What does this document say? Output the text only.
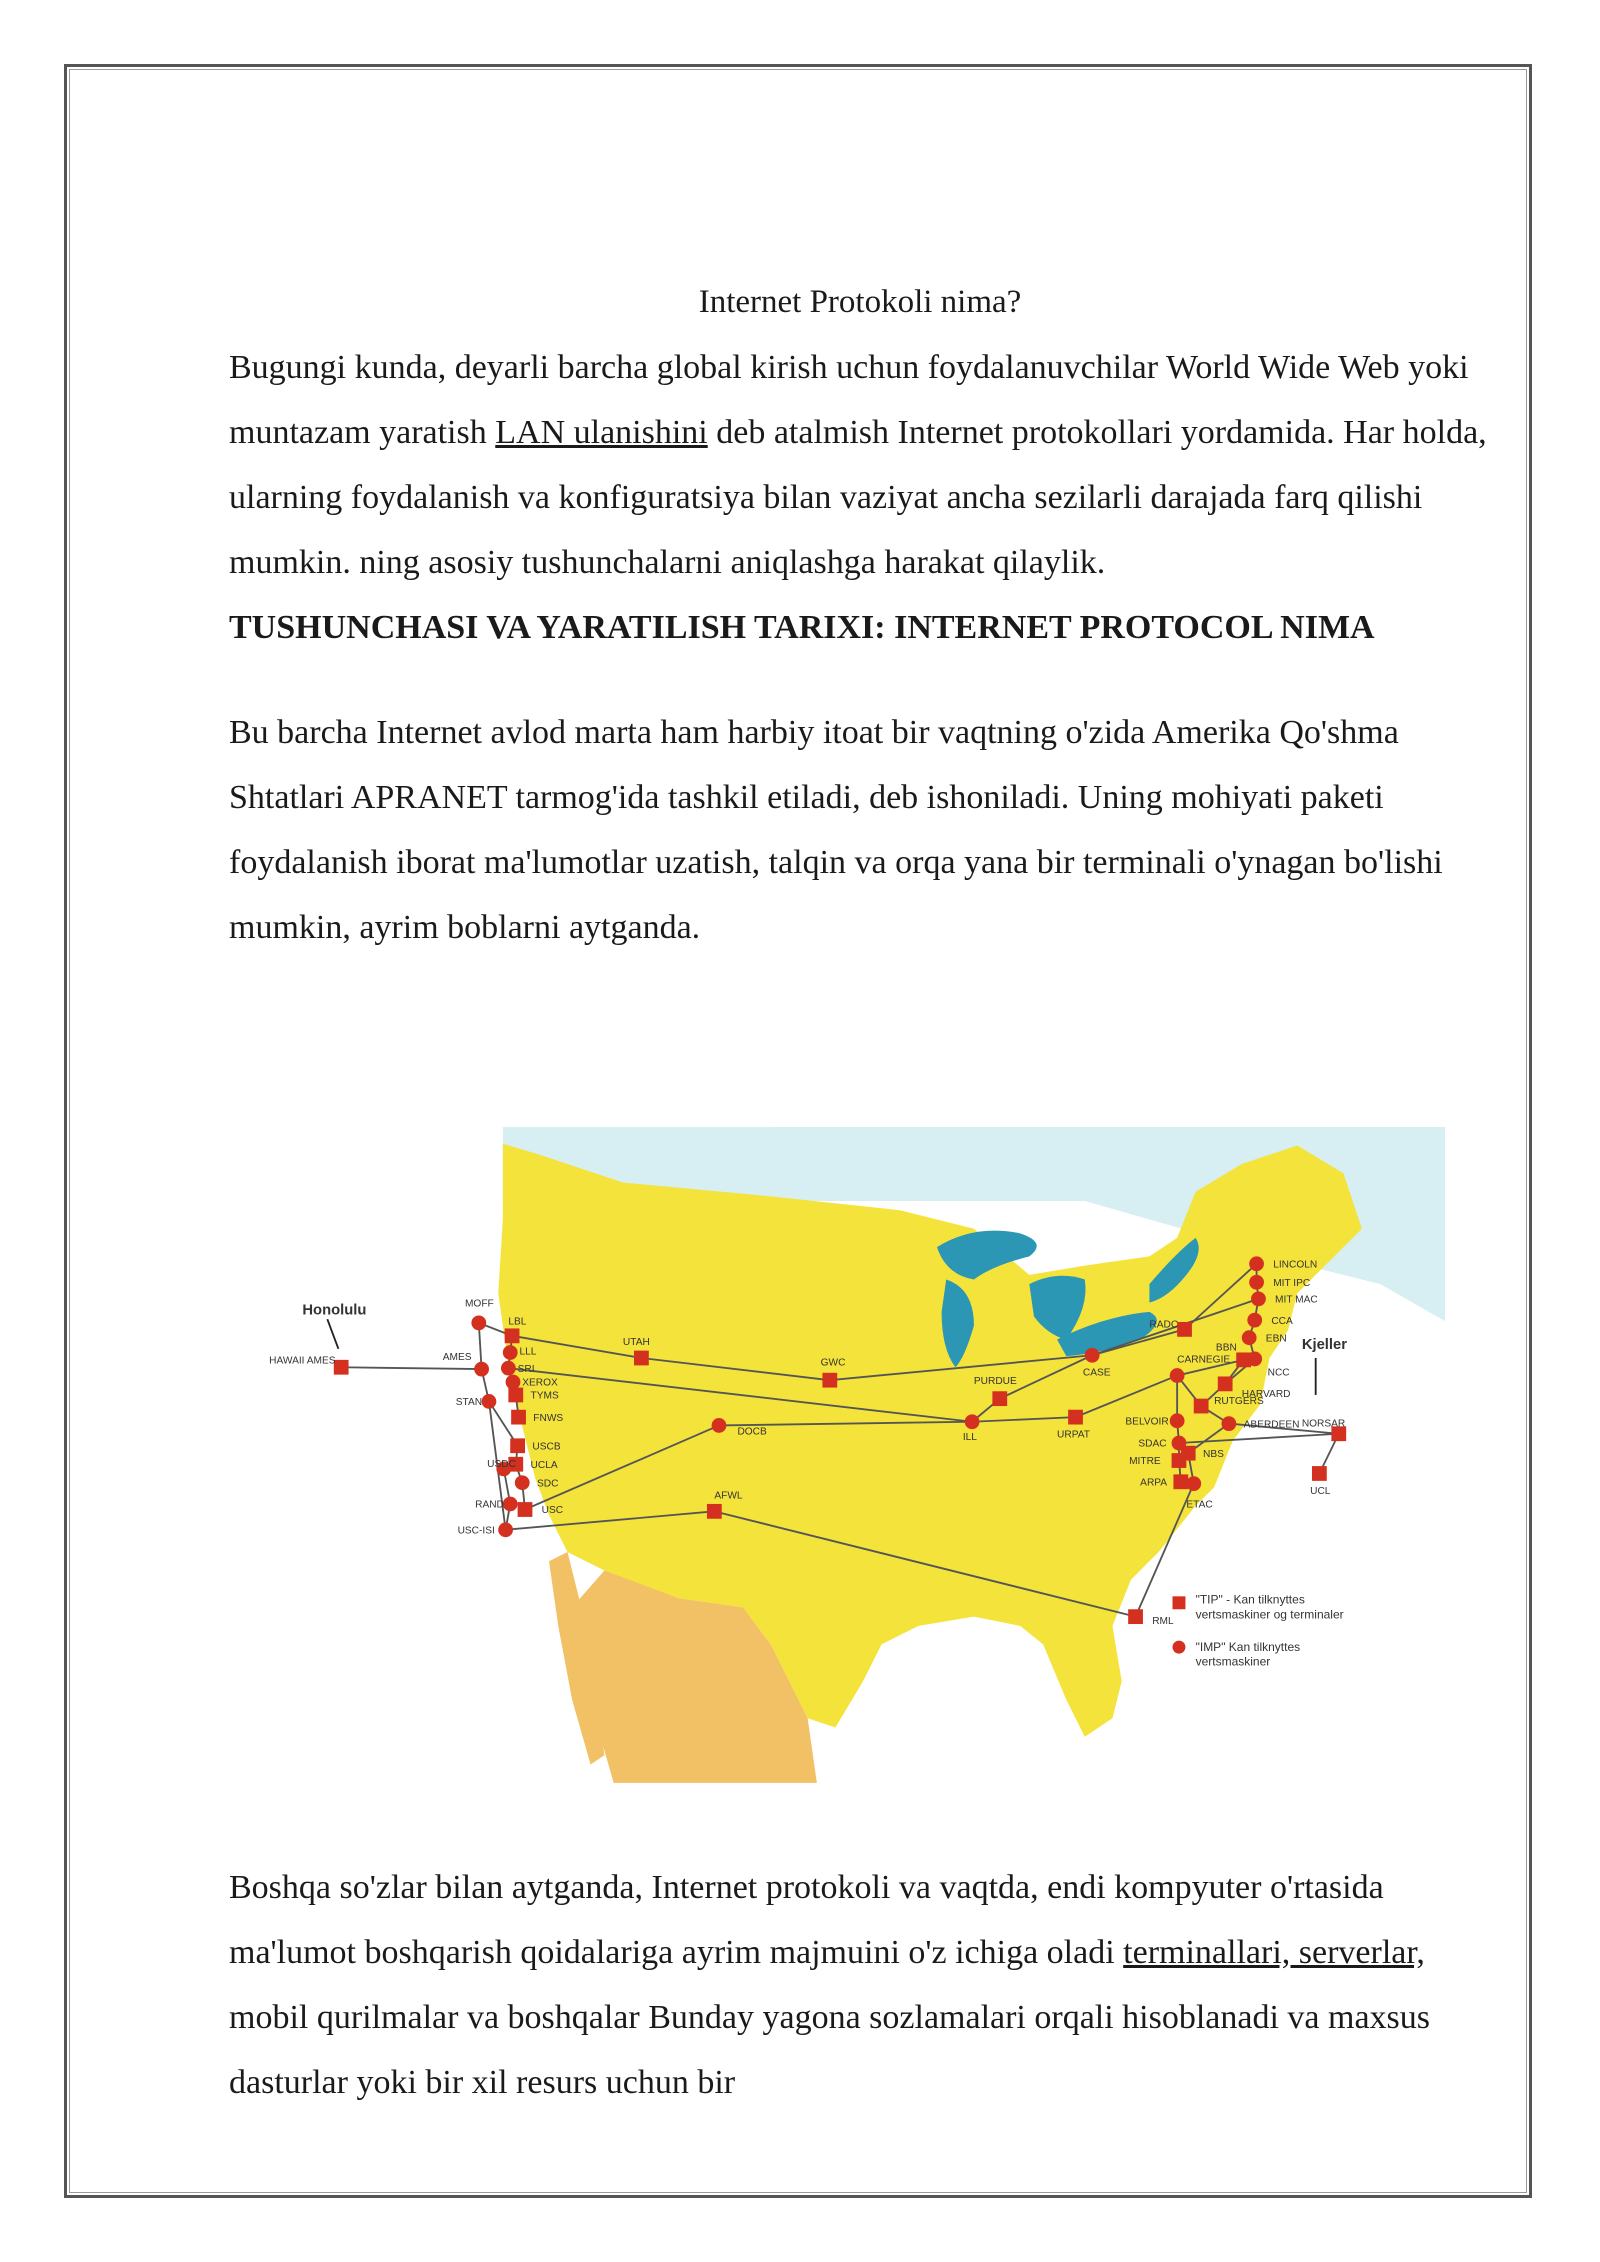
Internet Protokoli nima?

Bugungi kunda, deyarli barcha global kirish uchun foydalanuvchilar World Wide Web yoki muntazam yaratish LAN ulanishini deb atalmish Internet protokollari yordamida. Har holda, ularning foydalanish va konfiguratsiya bilan vaziyat ancha sezilarli darajada farq qilishi mumkin. ning asosiy tushunchalarni aniqlashga harakat qilaylik.

TUSHUNCHASI VA YARATILISH TARIXI: INTERNET PROTOCOL NIMA

Bu barcha Internet avlod marta ham harbiy itoat bir vaqtning o'zida Amerika Qo'shma Shtatlari APRANET tarmog'ida tashkil etiladi, deb ishoniladi. Uning mohiyati paketi foydalanish iborat ma'lumotlar uzatish, talqin va orqa yana bir terminali o'ynagan bo'lishi mumkin, ayrim boblarni aytganda.

HAWAII AMES
MOFF
LBL
LLL
SRI
XEROX
AMES
TYMS
FNWS
STAN
USCB
UCLA
USDC
SDC
USC
RAND
USC-ISI
UTAH
DOCB
AFWL
GWC
PURDUE
ILL	URPAT
CASE
RADC
CARNEGIE
BBN
LINCOLN
MIT IPC
MIT MAC
CCA
EBN
NCC
HARVARD
RUTGERS
ABERDEEN
BELVOIR
SDAC
MITRE
ARPA
NBS
ETAC
RML
NORSAR
UCL
Honolulu
Kjeller
"TIP" - Kan tilknyttes vertsmaskiner og terminaler
"IMP" Kan tilknyttes vertsmaskiner

Boshqa so'zlar bilan aytganda, Internet protokoli va vaqtda, endi kompyuter o'rtasida ma'lumot boshqarish qoidalariga ayrim majmuini o'z ichiga oladi terminallari, serverlar, mobil qurilmalar va boshqalar Bunday yagona sozlamalari orqali hisoblanadi va maxsus dasturlar yoki bir xil resurs uchun bir
